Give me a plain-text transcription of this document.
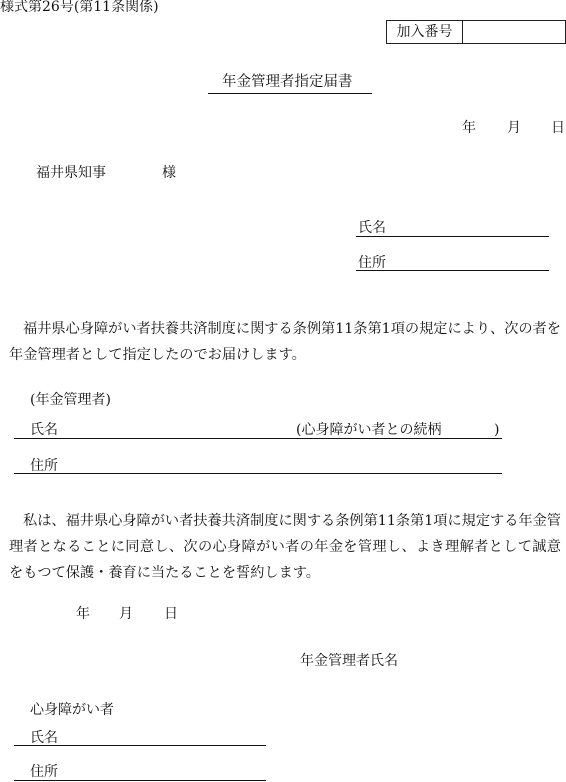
様式第26号(第11条関係)
加入番号
年金管理者指定届書
年 月 日
福井県知事	様
氏名
住所
福井県心身障がい者扶養共済制度に関する条例第11条第1項の規定により、次の者を年金管理者として指定したのでお届けします。
(年金管理者)
氏名	(心身障がい者との続柄	)
住所
私は、福井県心身障がい者扶養共済制度に関する条例第11条第1項に規定する年金管理者となることに同意し、次の心身障がい者の年金を管理し、よき理解者として誠意をもつて保護・養育に当たることを誓約します。
年 月 日
年金管理者氏名
心身障がい者
氏名
住所
